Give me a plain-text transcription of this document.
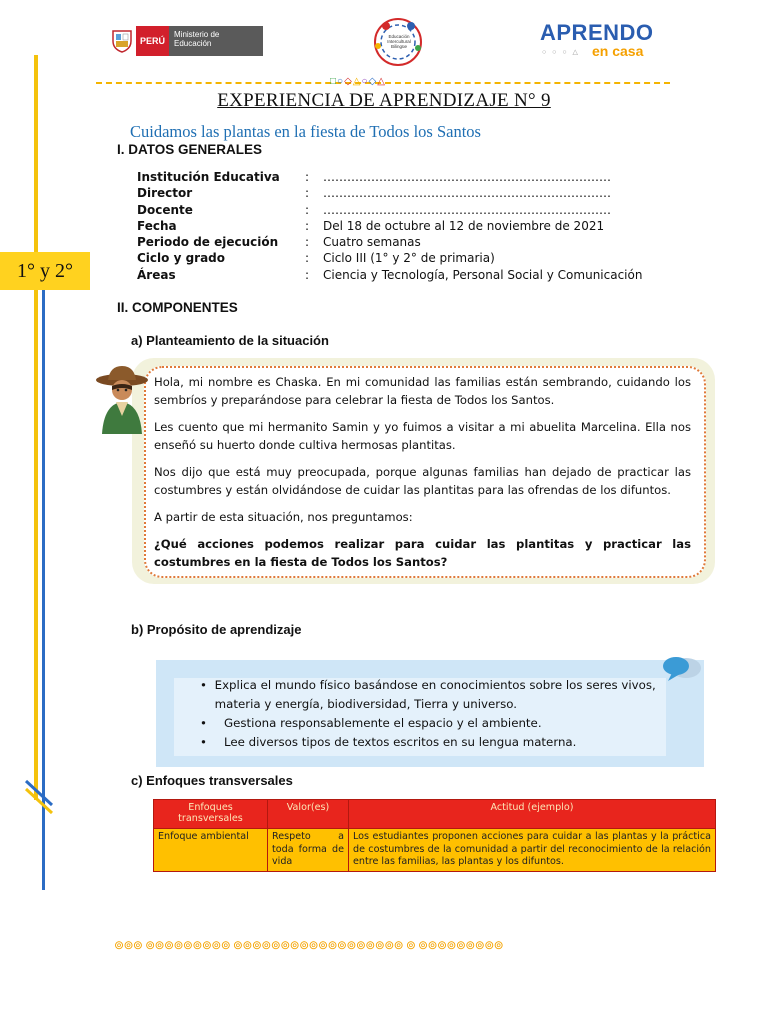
PERÚ
Ministerio de Educación
Educación Intercultural Bilingüe
APRENDO
○ ○ ○ △ en casa
□○◇△○◇△
1° y 2°
EXPERIENCIA DE APRENDIZAJE N° 9
Cuidamos las plantas en la fiesta de Todos los Santos
I. DATOS GENERALES
Institución Educativa	:	………………………………………………………………
Director	:	………………………………………………………………
Docente	:	………………………………………………………………
Fecha	:	Del 18 de octubre al 12 de noviembre de 2021
Periodo de ejecución	:	Cuatro semanas
Ciclo y grado	:	Ciclo III (1° y 2° de primaria)
Áreas	:	Ciencia y Tecnología, Personal Social y Comunicación
II. COMPONENTES
a) Planteamiento de la situación

Hola, mi nombre es Chaska. En mi comunidad las familias están sembrando, cuidando los sembríos y preparándose para celebrar la fiesta de Todos los Santos.

Les cuento que mi hermanito Samin y yo fuimos a visitar a mi abuelita Marcelina. Ella nos enseñó su huerto donde cultiva hermosas plantitas.

Nos dijo que está muy preocupada, porque algunas familias han dejado de practicar las costumbres y están olvidándose de cuidar las plantitas para las ofrendas de los difuntos.

A partir de esta situación, nos preguntamos:

¿Qué acciones podemos realizar para cuidar las plantitas y practicar las costumbres en la fiesta de Todos los Santos?

b) Propósito de aprendizaje
• Explica el mundo físico basándose en conocimientos sobre los seres vivos, materia y energía, biodiversidad, Tierra y universo.
•	Gestiona responsablemente el espacio y el ambiente.
•	Lee diversos tipos de textos escritos en su lengua materna.
c) Enfoques transversales
Enfoques transversales	Valor(es)	Actitud (ejemplo)
Enfoque ambiental	Respeto a toda forma de vida	Los estudiantes proponen acciones para cuidar a las plantas y la práctica de costumbres de la comunidad a partir del reconocimiento de la relación entre las familias, las plantas y los difuntos.
⊚⊚⊚ ⊚⊚⊚⊚⊚⊚⊚⊚⊚ ⊚⊚⊚⊚⊚⊚⊚⊚⊚⊚⊚⊚⊚⊚⊚⊚⊚⊚ ⊚ ⊚⊚⊚⊚⊚⊚⊚⊚⊚
